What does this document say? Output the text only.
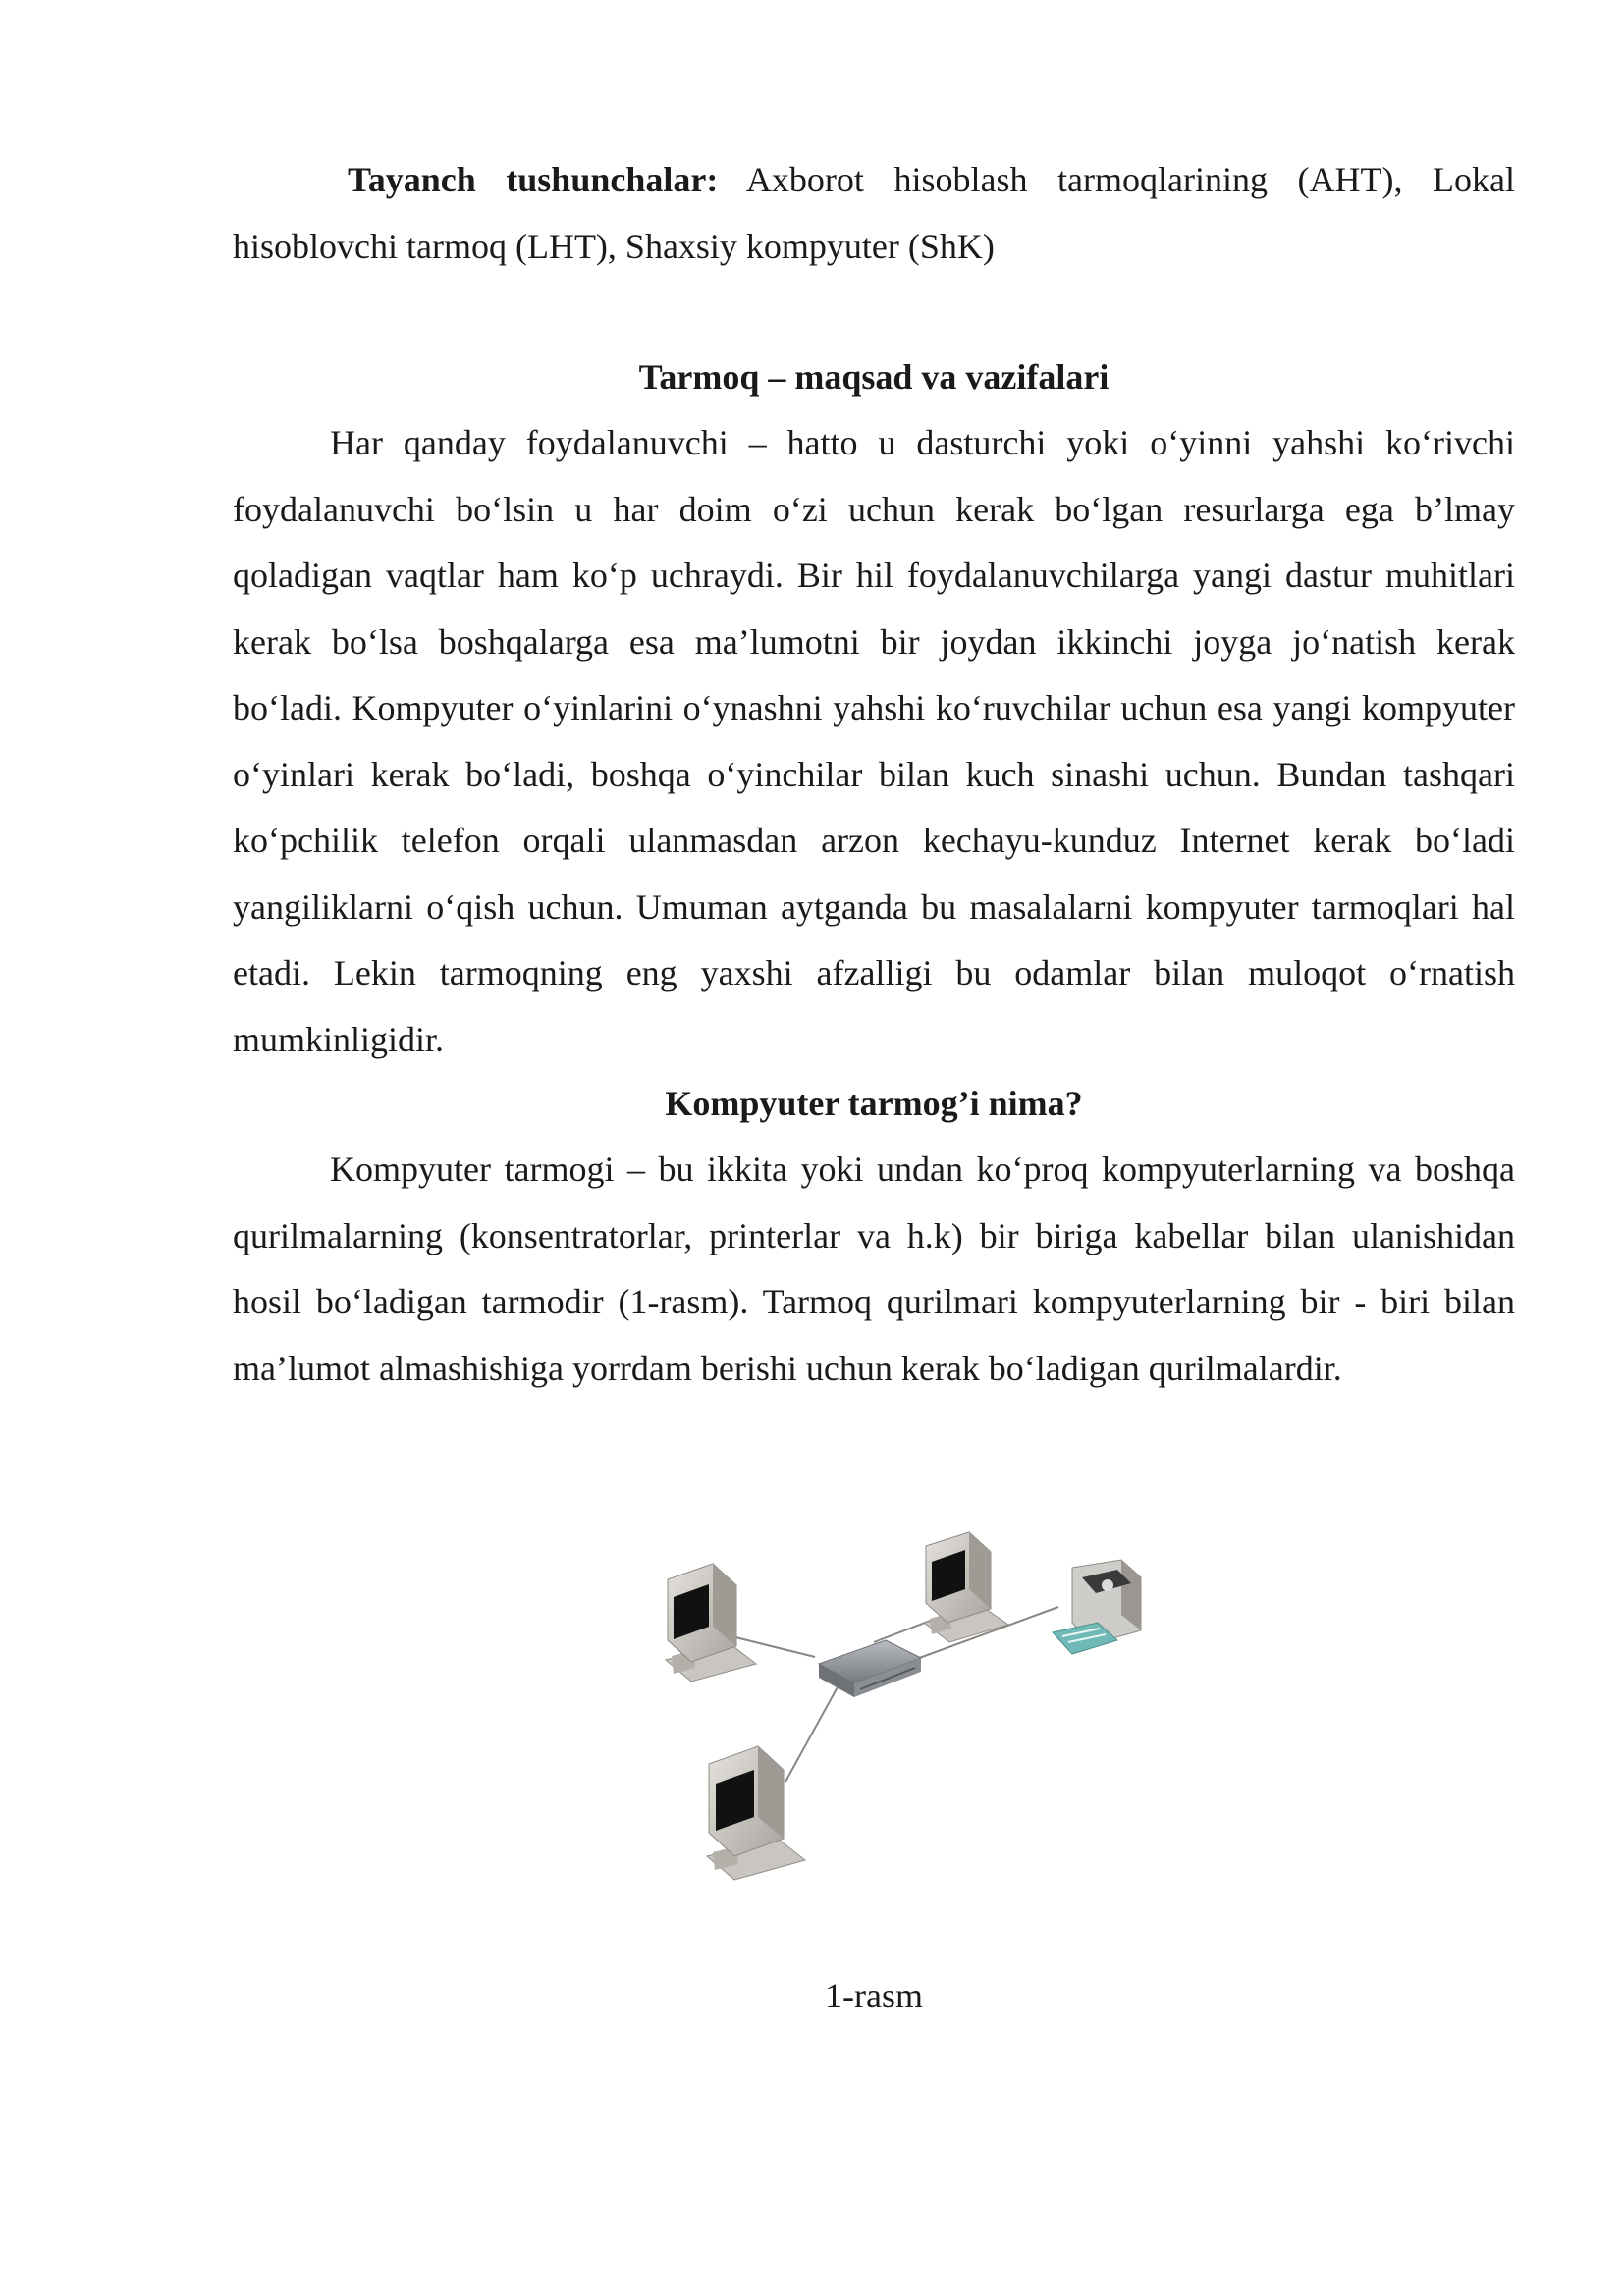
Tayanch tushunchalar: Axborot hisoblash tarmoqlarining (AHT), Lokal hisoblovchi tarmoq (LHT), Shaxsiy kompyuter (ShK)
Tarmoq – maqsad va vazifalari
Har qanday foydalanuvchi – hatto u dasturchi yoki o‘yinni yahshi ko‘rivchi foydalanuvchi bo‘lsin u har doim o‘zi uchun kerak bo‘lgan resurlarga ega b’lmay qoladigan vaqtlar ham ko‘p uchraydi. Bir hil foydalanuvchilarga yangi dastur muhitlari kerak bo‘lsa boshqalarga esa ma’lumotni bir joydan ikkinchi joyga jo‘natish kerak bo‘ladi. Kompyuter o‘yinlarini o‘ynashni yahshi ko‘ruvchilar uchun esa yangi kompyuter o‘yinlari kerak bo‘ladi, boshqa o‘yinchilar bilan kuch sinashi uchun. Bundan tashqari ko‘pchilik telefon orqali ulanmasdan arzon kechayu-kunduz Internet kerak bo‘ladi yangiliklarni o‘qish uchun. Umuman aytganda bu masalalarni kompyuter tarmoqlari hal etadi. Lekin tarmoqning eng yaxshi afzalligi bu odamlar bilan muloqot o‘rnatish mumkinligidir.
Kompyuter tarmog’i nima?
Kompyuter tarmogi – bu ikkita yoki undan ko‘proq kompyuterlarning va boshqa qurilmalarning (konsentratorlar, printerlar va h.k) bir biriga kabellar bilan ulanishidan hosil bo‘ladigan tarmodir (1-rasm). Tarmoq qurilmari kompyuterlarning bir - biri bilan ma’lumot almashishiga yorrdam berishi uchun kerak bo‘ladigan qurilmalardir.
1-rasm
